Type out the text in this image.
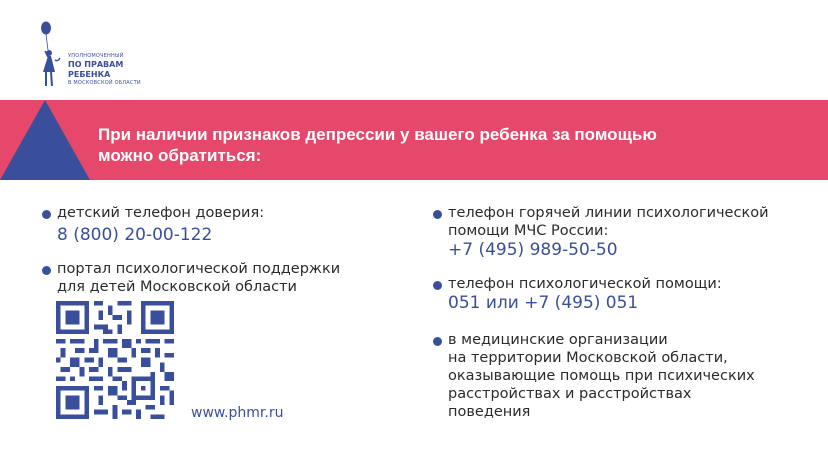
УПОЛНОМОЧЕННЫЙ
ПО ПРАВАМ
РЕБЕНКА
В МОСКОВСКОЙ ОБЛАСТИ
При наличии признаков депрессии у вашего ребенка за помощью
можно обратиться:
детский телефон доверия:
8 (800) 20-00-122
портал психологической поддержки
для детей Московской области
www.phmr.ru
телефон горячей линии психологической
помощи МЧС России:
+7 (495) 989-50-50
телефон психологической помощи:
051 или +7 (495) 051
в медицинские организации
на территории Московской области,
оказывающие помощь при психических
расстройствах и расстройствах
поведения
